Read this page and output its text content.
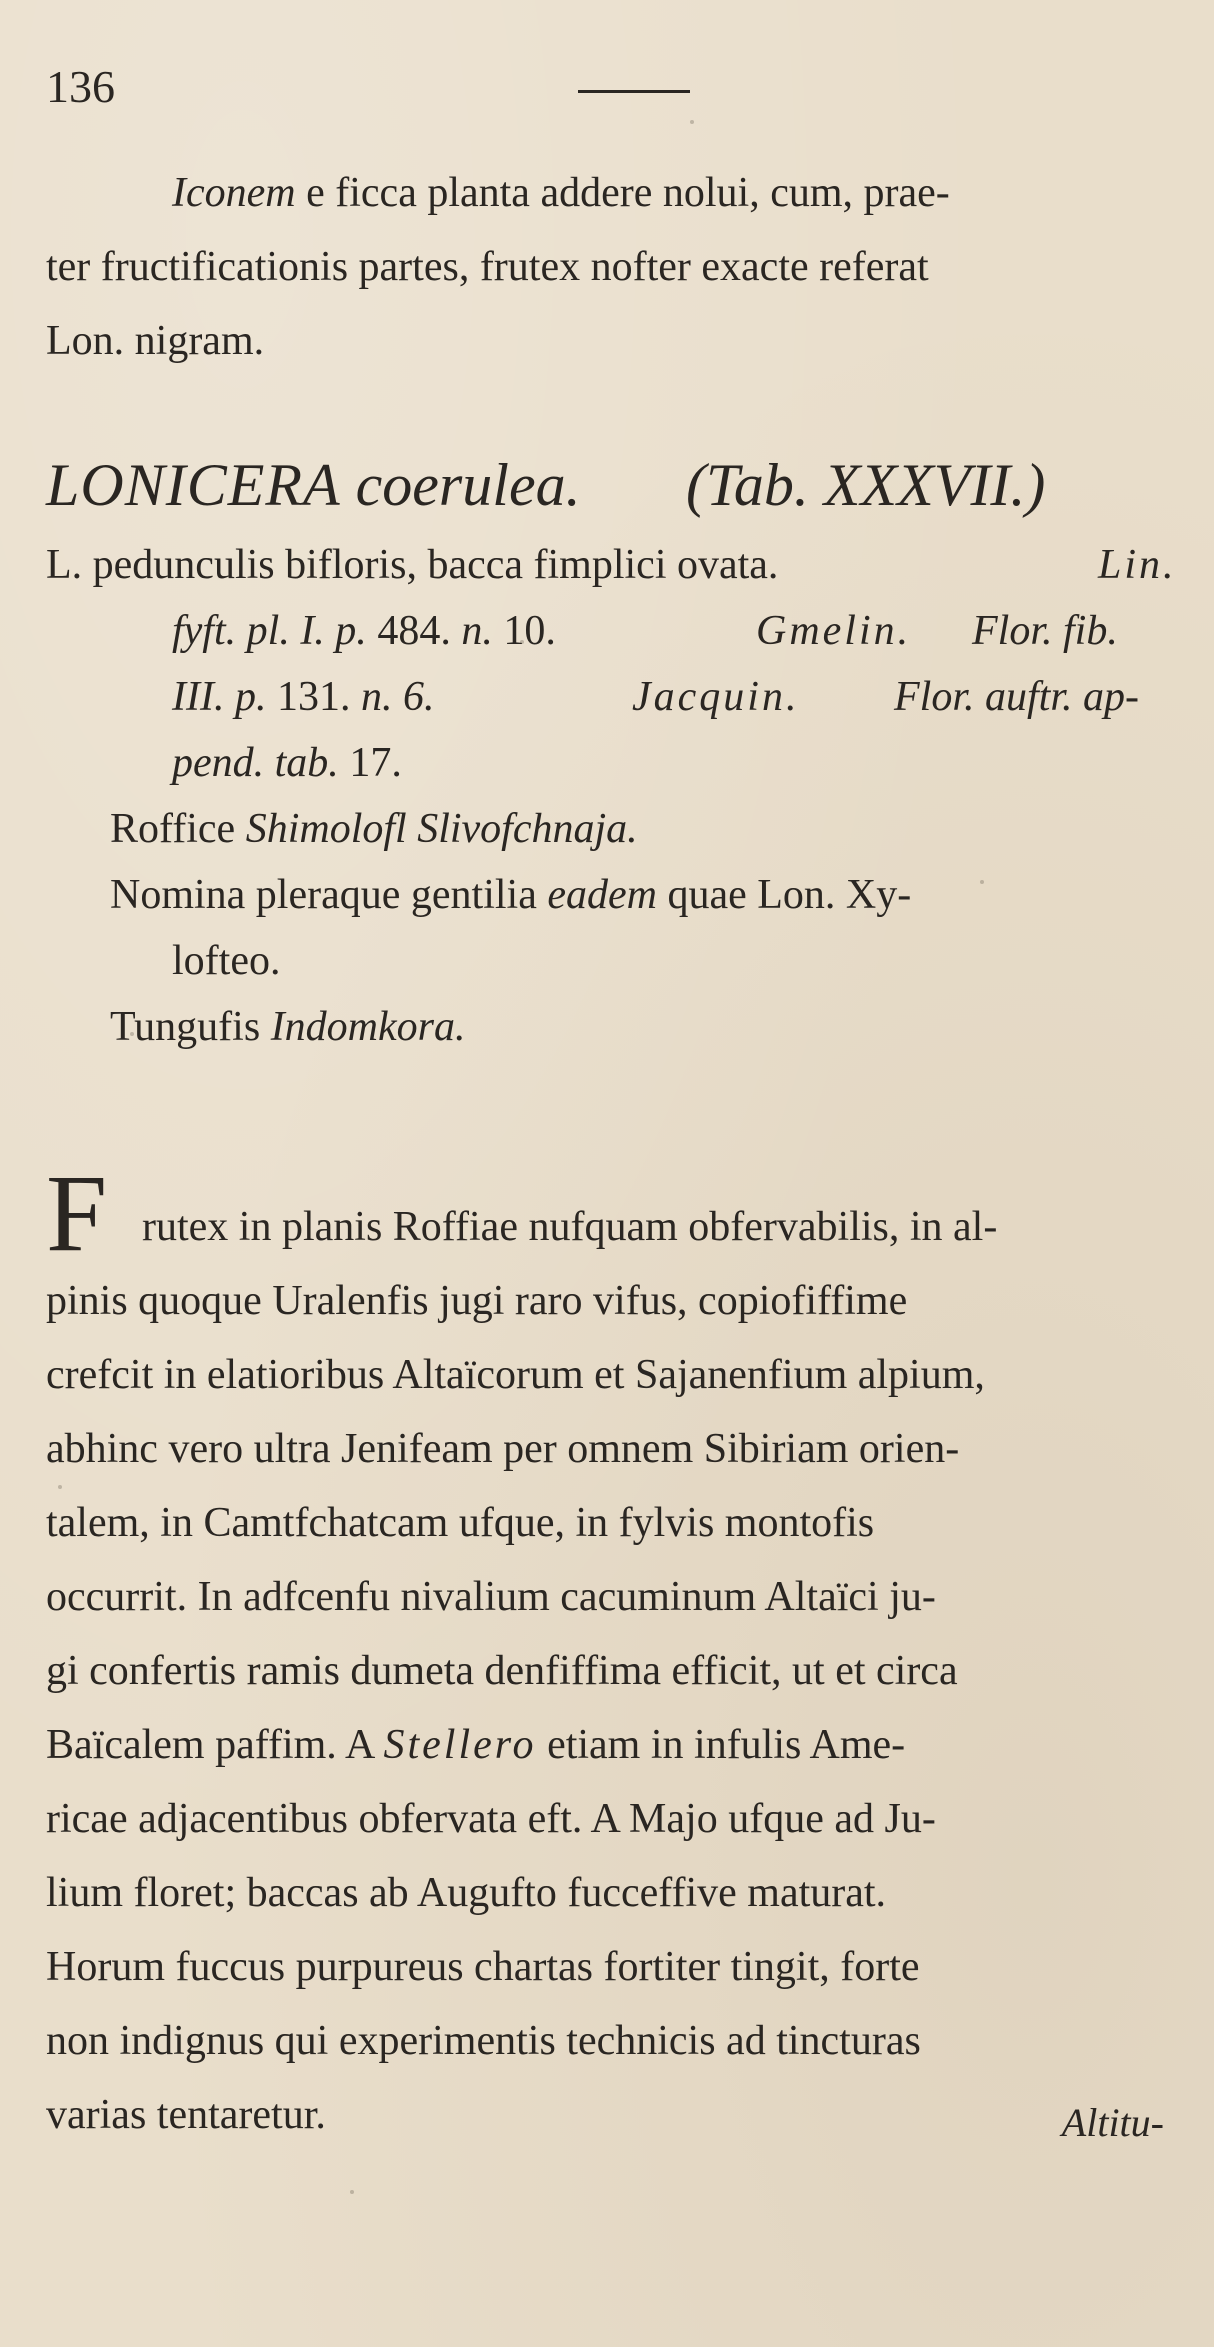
136
Iconem e ficca planta addere nolui, cum, prae-
ter fructificationis partes, frutex nofter exacte referat
Lon. nigram.
LONICERA coerulea. (Tab. XXXVII.)
L. pedunculis bifloris, bacca fimplici ovata.	Lin.
fyft. pl. I. p. 484. n. 10.	Gmelin. Flor. fib.
III. p. 131. n. 6.	Jacquin. Flor. auftr. ap-
pend. tab. 17.
Roffice Shimolofl Slivofchnaja.
Nomina pleraque gentilia eadem quae Lon. Xy-
lofteo.
Tungufis Indomkora.
F rutex in planis Roffiae nufquam obfervabilis, in al-
pinis quoque Uralenfis jugi raro vifus, copiofiffime
crefcit in elatioribus Altaïcorum et Sajanenfium alpium,
abhinc vero ultra Jenifeam per omnem Sibiriam orien-
talem, in Camtfchatcam ufque, in fylvis montofis
occurrit. In adfcenfu nivalium cacuminum Altaïci ju-
gi confertis ramis dumeta denfiffima efficit, ut et circa
Baïcalem paffim. A Stellero etiam in infulis Ame-
ricae adjacentibus obfervata eft. A Majo ufque ad Ju-
lium floret; baccas ab Augufto fucceffive maturat.
Horum fuccus purpureus chartas fortiter tingit, forte
non indignus qui experimentis technicis ad tincturas
varias tentaretur.	Altitu-
